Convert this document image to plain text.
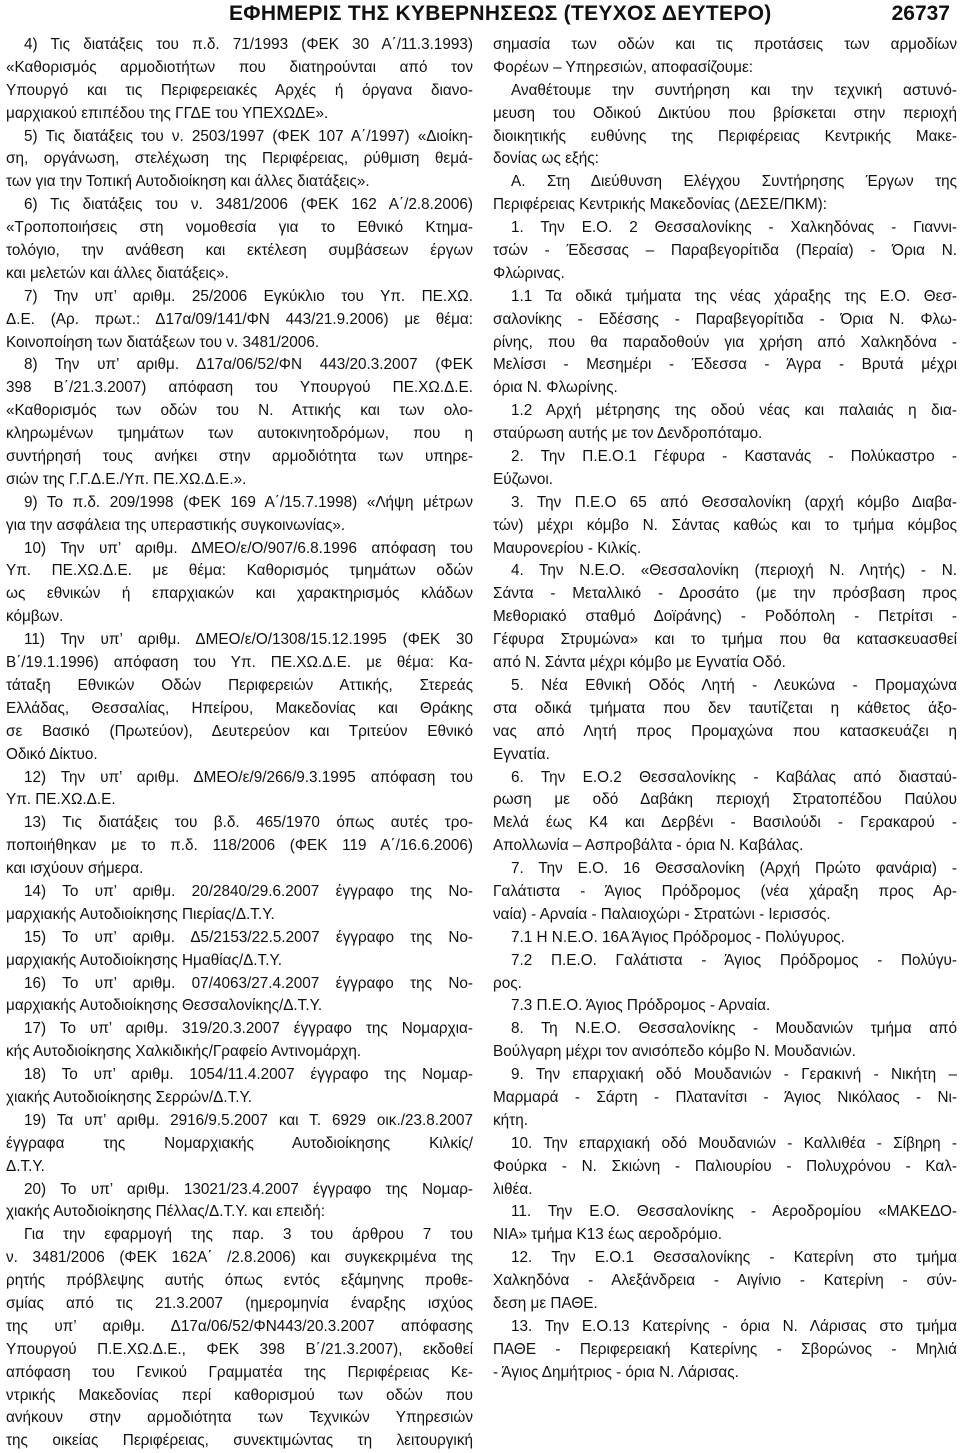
ΕΦΗΜΕΡΙΣ ΤΗΣ ΚΥΒΕΡΝΗΣΕΩΣ (ΤΕΥΧΟΣ ΔΕΥΤΕΡΟ)	26737
4) Τις διατάξεις του π.δ. 71/1993 (ΦΕΚ 30 Α΄/11.3.1993)
«Καθορισμός αρμοδιοτήτων που διατηρούνται από τον
Υπουργό και τις Περιφερειακές Αρχές ή όργανα διανο-
μαρχιακού επιπέδου της ΓΓΔΕ του ΥΠΕΧΩΔΕ».
5) Τις διατάξεις του ν. 2503/1997 (ΦΕΚ 107 Α΄/1997) «Διοίκη-
ση, οργάνωση, στελέχωση της Περιφέρειας, ρύθμιση θεμά-
των για την Τοπική Αυτοδιοίκηση και άλλες διατάξεις».
6) Τις διατάξεις του ν. 3481/2006 (ΦΕΚ 162 Α΄/2.8.2006)
«Τροποποιήσεις στη νομοθεσία για το Εθνικό Κτημα-
τολόγιο, την ανάθεση και εκτέλεση συμβάσεων έργων
και μελετών και άλλες διατάξεις».
7) Την υπ’ αριθμ. 25/2006 Εγκύκλιο του Υπ. ΠΕ.ΧΩ.
Δ.Ε. (Αρ. πρωτ.: Δ17α/09/141/ΦΝ 443/21.9.2006) με θέμα:
Κοινοποίηση των διατάξεων του ν. 3481/2006.
8) Την υπ’ αριθμ. Δ17α/06/52/ΦΝ 443/20.3.2007 (ΦΕΚ
398 Β΄/21.3.2007) απόφαση του Υπουργού ΠΕ.ΧΩ.Δ.Ε.
«Καθορισμός των οδών του Ν. Αττικής και των ολο-
κληρωμένων τμημάτων των αυτοκινητοδρόμων, που η
συντήρησή τους ανήκει στην αρμοδιότητα των υπηρε-
σιών της Γ.Γ.Δ.Ε./Υπ. ΠΕ.ΧΩ.Δ.Ε.».
9) Το π.δ. 209/1998 (ΦΕΚ 169 Α΄/15.7.1998) «Λήψη μέτρων
για την ασφάλεια της υπεραστικής συγκοινωνίας».
10) Την υπ’ αριθμ. ΔΜΕΟ/ε/Ο/907/6.8.1996 απόφαση του
Υπ. ΠΕ.ΧΩ.Δ.Ε. με θέμα: Καθορισμός τμημάτων οδών
ως εθνικών ή επαρχιακών και χαρακτηρισμός κλάδων
κόμβων.
11) Την υπ’ αριθμ. ΔΜΕΟ/ε/Ο/1308/15.12.1995 (ΦΕΚ 30
Β΄/19.1.1996) απόφαση του Υπ. ΠΕ.ΧΩ.Δ.Ε. με θέμα: Κα-
τάταξη Εθνικών Οδών Περιφερειών Αττικής, Στερεάς
Ελλάδας, Θεσσαλίας, Ηπείρου, Μακεδονίας και Θράκης
σε Βασικό (Πρωτεύον), Δευτερεύον και Τριτεύον Εθνικό
Οδικό Δίκτυο.
12) Την υπ’ αριθμ. ΔΜΕΟ/ε/9/266/9.3.1995 απόφαση του
Υπ. ΠΕ.ΧΩ.Δ.Ε.
13) Τις διατάξεις του β.δ. 465/1970 όπως αυτές τρο-
ποποιήθηκαν με το π.δ. 118/2006 (ΦΕΚ 119 Α΄/16.6.2006)
και ισχύουν σήμερα.
14) Το υπ’ αριθμ. 20/2840/29.6.2007 έγγραφο της Νο-
μαρχιακής Αυτοδιοίκησης Πιερίας/Δ.Τ.Υ.
15) Το υπ’ αριθμ. Δ5/2153/22.5.2007 έγγραφο της Νο-
μαρχιακής Αυτοδιοίκησης Ημαθίας/Δ.Τ.Υ.
16) Το υπ’ αριθμ. 07/4063/27.4.2007 έγγραφο της Νο-
μαρχιακής Αυτοδιοίκησης Θεσσαλονίκης/Δ.Τ.Υ.
17) Το υπ’ αριθμ. 319/20.3.2007 έγγραφο της Νομαρχια-
κής Αυτοδιοίκησης Χαλκιδικής/Γραφείο Αντινομάρχη.
18) Το υπ’ αριθμ. 1054/11.4.2007 έγγραφο της Νομαρ-
χιακής Αυτοδιοίκησης Σερρών/Δ.Τ.Υ.
19) Τα υπ’ αριθμ. 2916/9.5.2007 και Τ. 6929 οικ./23.8.2007
έγγραφα της Νομαρχιακής Αυτοδιοίκησης Κιλκίς/
Δ.Τ.Υ.
20) Το υπ’ αριθμ. 13021/23.4.2007 έγγραφο της Νομαρ-
χιακής Αυτοδιοίκησης Πέλλας/Δ.Τ.Υ. και επειδή:
Για την εφαρμογή της παρ. 3 του άρθρου 7 του
ν. 3481/2006 (ΦΕΚ 162Α΄ /2.8.2006) και συγκεκριμένα της
ρητής πρόβλεψης αυτής όπως εντός εξάμηνης προθε-
σμίας από τις 21.3.2007 (ημερομηνία έναρξης ισχύος
της υπ’ αριθμ. Δ17α/06/52/ΦΝ443/20.3.2007 απόφασης
Υπουργού Π.Ε.ΧΩ.Δ.Ε., ΦΕΚ 398 Β΄/21.3.2007), εκδοθεί
απόφαση του Γενικού Γραμματέα της Περιφέρειας Κε-
ντρικής Μακεδονίας περί καθορισμού των οδών που
ανήκουν στην αρμοδιότητα των Τεχνικών Υπηρεσιών
της οικείας Περιφέρειας, συνεκτιμώντας τη λειτουργική
σημασία των οδών και τις προτάσεις των αρμοδίων
Φορέων – Υπηρεσιών, αποφασίζουμε:
Αναθέτουμε την συντήρηση και την τεχνική αστυνό-
μευση του Οδικού Δικτύου που βρίσκεται στην περιοχή
διοικητικής ευθύνης της Περιφέρειας Κεντρικής Μακε-
δονίας ως εξής:
Α. Στη Διεύθυνση Ελέγχου Συντήρησης Έργων της
Περιφέρειας Κεντρικής Μακεδονίας (ΔΕΣΕ/ΠΚΜ):
1. Την Ε.Ο. 2 Θεσσαλονίκης - Χαλκηδόνας - Γιαννι-
τσών - Έδεσσας – Παραβεγορίτιδα (Περαία) - Όρια Ν.
Φλώρινας.
1.1 Τα οδικά τμήματα της νέας χάραξης της Ε.Ο. Θεσ-
σαλονίκης - Εδέσσης - Παραβεγορίτιδα - Όρια Ν. Φλω-
ρίνης, που θα παραδοθούν για χρήση από Χαλκηδόνα -
Μελίσσι - Μεσημέρι - Έδεσσα - Άγρα - Βρυτά μέχρι
όρια Ν. Φλωρίνης.
1.2 Αρχή μέτρησης της οδού νέας και παλαιάς η δια-
σταύρωση αυτής με τον Δενδροπόταμο.
2. Την Π.Ε.Ο.1 Γέφυρα - Καστανάς - Πολύκαστρο -
Εύζωνοι.
3. Την Π.Ε.Ο 65 από Θεσσαλονίκη (αρχή κόμβο Διαβα-
τών) μέχρι κόμβο Ν. Σάντας καθώς και το τμήμα κόμβος
Μαυρονερίου - Κιλκίς.
4. Την Ν.Ε.Ο. «Θεσσαλονίκη (περιοχή Ν. Λητής) - Ν.
Σάντα - Μεταλλικό - Δροσάτο (με την πρόσβαση προς
Μεθοριακό σταθμό Δοϊράνης) - Ροδόπολη - Πετρίτσι -
Γέφυρα Στρυμώνα» και το τμήμα που θα κατασκευασθεί
από Ν. Σάντα μέχρι κόμβο με Εγνατία Οδό.
5. Νέα Εθνική Οδός Λητή - Λευκώνα - Προμαχώνα
στα οδικά τμήματα που δεν ταυτίζεται η κάθετος άξο-
νας από Λητή προς Προμαχώνα που κατασκευάζει η
Εγνατία.
6. Την Ε.Ο.2 Θεσσαλονίκης - Καβάλας από διασταύ-
ρωση με οδό Δαβάκη περιοχή Στρατοπέδου Παύλου
Μελά έως Κ4 και Δερβένι - Βασιλούδι - Γερακαρού -
Απολλωνία – Ασπροβάλτα - όρια Ν. Καβάλας.
7. Την Ε.Ο. 16 Θεσσαλονίκη (Αρχή Πρώτο φανάρια) -
Γαλάτιστα - Άγιος Πρόδρομος (νέα χάραξη προς Αρ-
ναία) - Αρναία - Παλαιοχώρι - Στρατώνι - Ιερισσός.
7.1 Η Ν.Ε.Ο. 16Α Άγιος Πρόδρομος - Πολύγυρος.
7.2 Π.Ε.Ο. Γαλάτιστα - Άγιος Πρόδρομος - Πολύγυ-
ρος.
7.3 Π.Ε.Ο. Άγιος Πρόδρομος - Αρναία.
8. Τη Ν.Ε.Ο. Θεσσαλονίκης - Μουδανιών τμήμα από
Βούλγαρη μέχρι τον ανισόπεδο κόμβο Ν. Μουδανιών.
9. Την επαρχιακή οδό Μουδανιών - Γερακινή - Νικήτη –
Μαρμαρά - Σάρτη - Πλατανίτσι - Άγιος Νικόλαος - Νι-
κήτη.
10. Την επαρχιακή οδό Μουδανιών - Καλλιθέα - Σίβηρη -
Φούρκα - Ν. Σκιώνη - Παλιουρίου - Πολυχρόνου - Καλ-
λιθέα.
11. Την Ε.Ο. Θεσσαλονίκης - Αεροδρομίου «ΜΑΚΕΔΟ-
ΝΙΑ» τμήμα Κ13 έως αεροδρόμιο.
12. Την Ε.Ο.1 Θεσσαλονίκης - Κατερίνη στο τμήμα
Χαλκηδόνα - Αλεξάνδρεια - Αιγίνιο - Κατερίνη - σύν-
δεση με ΠΑΘΕ.
13. Την Ε.Ο.13 Κατερίνης - όρια Ν. Λάρισας στο τμήμα
ΠΑΘΕ - Περιφερειακή Κατερίνης - Σβορώνος - Μηλιά
- Άγιος Δημήτριος - όρια Ν. Λάρισας.
